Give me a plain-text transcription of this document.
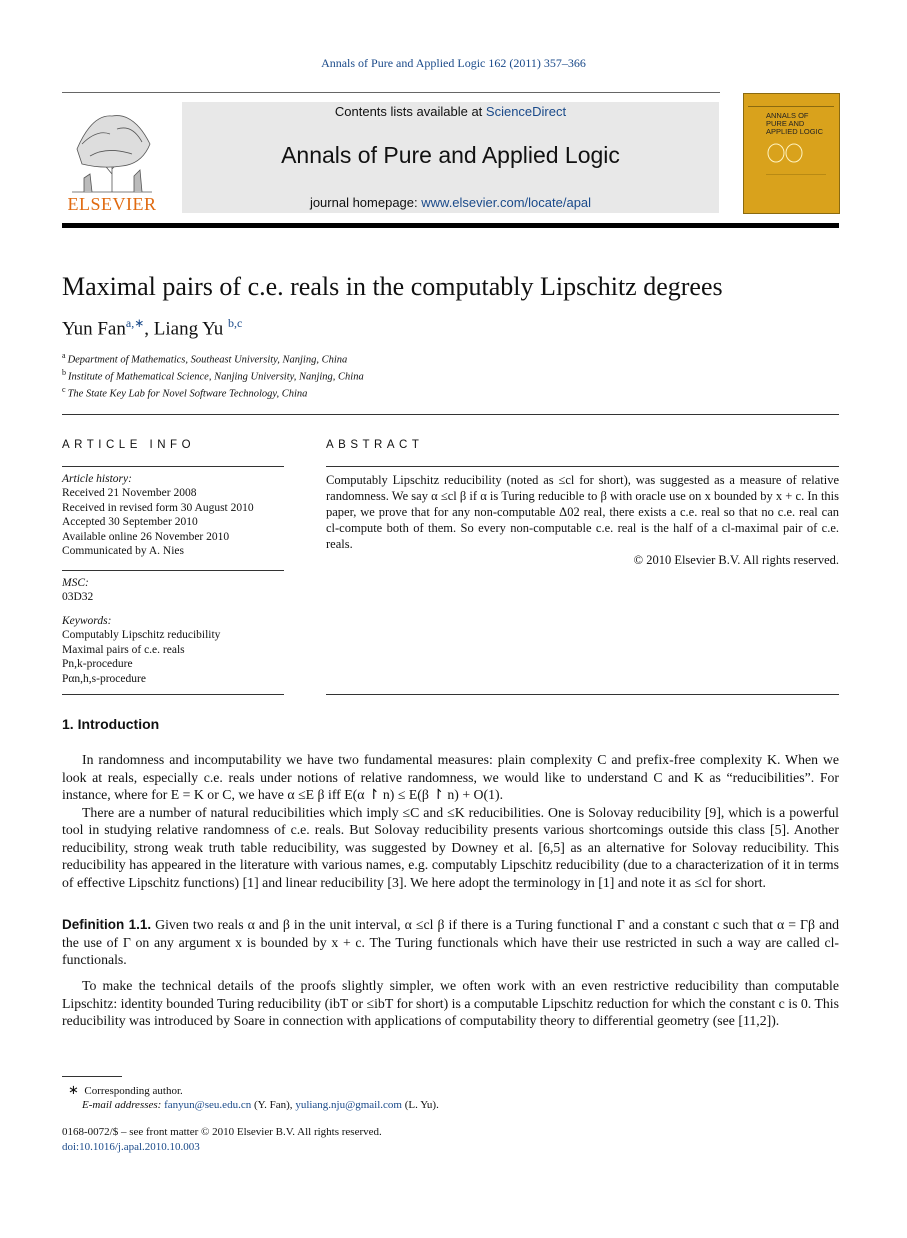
Annals of Pure and Applied Logic 162 (2011) 357–366
ELSEVIER
Contents lists available at ScienceDirect
Annals of Pure and Applied Logic
journal homepage: www.elsevier.com/locate/apal
ANNALS OF
PURE AND
APPLIED LOGIC
Maximal pairs of c.e. reals in the computably Lipschitz degrees
Yun Fan$^{a,∗}$, Liang Yu $^{b,c}$
$^a$ Department of Mathematics, Southeast University, Nanjing, China
$^b$ Institute of Mathematical Science, Nanjing University, Nanjing, China
$^c$ The State Key Lab for Novel Software Technology, China
ARTICLE INFO
Article history:
Received 21 November 2008
Received in revised form 30 August 2010
Accepted 30 September 2010
Available online 26 November 2010
Communicated by A. Nies
MSC:
03D32
Keywords:
Computably Lipschitz reducibility
Maximal pairs of c.e. reals
Pn,k-procedure
Pαn,h,s-procedure
ABSTRACT
Computably Lipschitz reducibility (noted as ≤cl for short), was suggested as a measure of relative randomness. We say α ≤cl β if α is Turing reducible to β with oracle use on x bounded by x + c. In this paper, we prove that for any non-computable Δ02 real, there exists a c.e. real so that no c.e. real can cl-compute both of them. So every non-computable c.e. real is the half of a cl-maximal pair of c.e. reals.
© 2010 Elsevier B.V. All rights reserved.
1. Introduction

In randomness and incomputability we have two fundamental measures: plain complexity C and prefix-free complexity K. When we look at reals, especially c.e. reals under notions of relative randomness, we would like to understand C and K as “reducibilities”. For instance, where for E = K or C, we have α ≤E β iff E(α ↾ n) ≤ E(β ↾ n) + O(1).

There are a number of natural reducibilities which imply ≤C and ≤K reducibilities. One is Solovay reducibility [9], which is a powerful tool in studying relative randomness of c.e. reals. But Solovay reducibility presents various shortcomings outside this class [5]. Another reducibility, strong weak truth table reducibility, was suggested by Downey et al. [6,5] as an alternative for Solovay reducibility. This reducibility has appeared in the literature with various names, e.g. computably Lipschitz reducibility (due to a characterization of it in terms of effective Lipschitz functions) [1] and linear reducibility [3]. We here adopt the terminology in [1] and note it as ≤cl for short.

Definition 1.1. Given two reals α and β in the unit interval, α ≤cl β if there is a Turing functional Γ and a constant c such that α = Γβ and the use of Γ on any argument x is bounded by x + c. The Turing functionals which have their use restricted in such a way are called cl-functionals.

To make the technical details of the proofs slightly simpler, we often work with an even restrictive reducibility than computable Lipschitz: identity bounded Turing reducibility (ibT or ≤ibT for short) is a computable Lipschitz reduction for which the constant c is 0. This reducibility was introduced by Soare in connection with applications of computability theory to differential geometry (see [11,2]).

∗ Corresponding author.
E-mail addresses: fanyun@seu.edu.cn (Y. Fan), yuliang.nju@gmail.com (L. Yu).
0168-0072/$ – see front matter © 2010 Elsevier B.V. All rights reserved.
doi:10.1016/j.apal.2010.10.003
